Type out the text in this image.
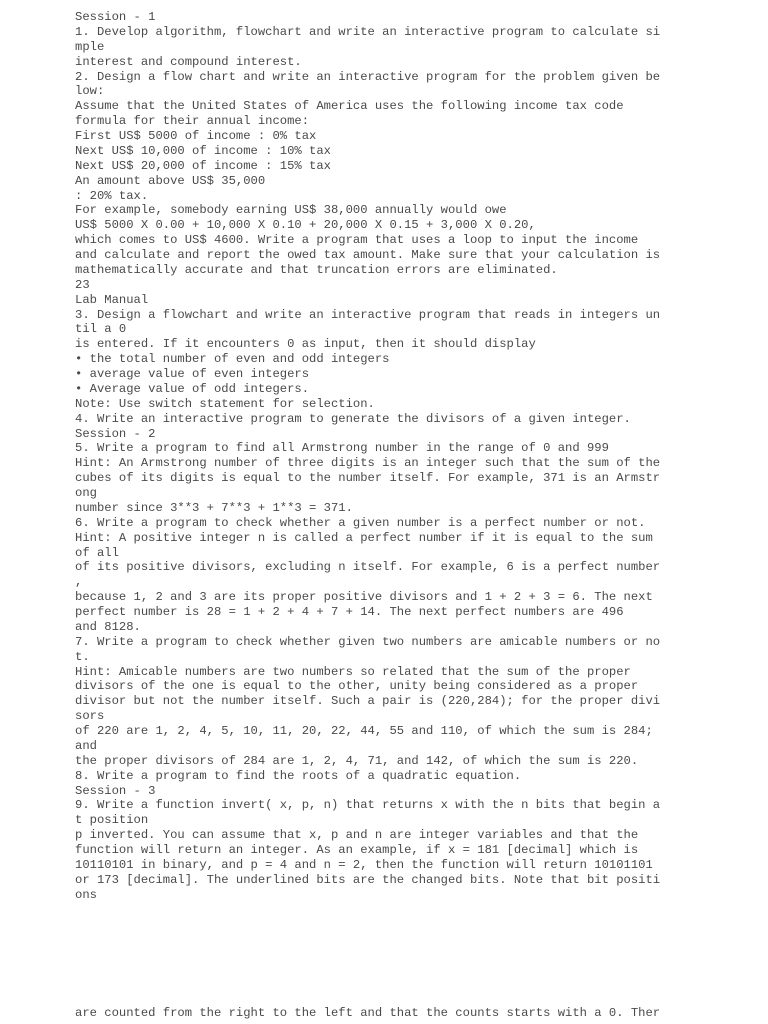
Session - 1
1. Develop algorithm, flowchart and write an interactive program to calculate si
mple
interest and compound interest.
2. Design a flow chart and write an interactive program for the problem given be
low:
Assume that the United States of America uses the following income tax code
formula for their annual income:
First US$ 5000 of income : 0% tax
Next US$ 10,000 of income : 10% tax
Next US$ 20,000 of income : 15% tax
An amount above US$ 35,000
: 20% tax.
For example, somebody earning US$ 38,000 annually would owe
US$ 5000 X 0.00 + 10,000 X 0.10 + 20,000 X 0.15 + 3,000 X 0.20,
which comes to US$ 4600. Write a program that uses a loop to input the income
and calculate and report the owed tax amount. Make sure that your calculation is
mathematically accurate and that truncation errors are eliminated.
23
Lab Manual
3. Design a flowchart and write an interactive program that reads in integers un
til a 0
is entered. If it encounters 0 as input, then it should display
• the total number of even and odd integers
• average value of even integers
• Average value of odd integers.
Note: Use switch statement for selection.
4. Write an interactive program to generate the divisors of a given integer.
Session - 2
5. Write a program to find all Armstrong number in the range of 0 and 999
Hint: An Armstrong number of three digits is an integer such that the sum of the
cubes of its digits is equal to the number itself. For example, 371 is an Armstr
ong
number since 3**3 + 7**3 + 1**3 = 371.
6. Write a program to check whether a given number is a perfect number or not.
Hint: A positive integer n is called a perfect number if it is equal to the sum
of all
of its positive divisors, excluding n itself. For example, 6 is a perfect number
,
because 1, 2 and 3 are its proper positive divisors and 1 + 2 + 3 = 6. The next
perfect number is 28 = 1 + 2 + 4 + 7 + 14. The next perfect numbers are 496
and 8128.
7. Write a program to check whether given two numbers are amicable numbers or no
t.
Hint: Amicable numbers are two numbers so related that the sum of the proper
divisors of the one is equal to the other, unity being considered as a proper
divisor but not the number itself. Such a pair is (220,284); for the proper divi
sors
of 220 are 1, 2, 4, 5, 10, 11, 20, 22, 44, 55 and 110, of which the sum is 284;
and
the proper divisors of 284 are 1, 2, 4, 71, and 142, of which the sum is 220.
8. Write a program to find the roots of a quadratic equation.
Session - 3
9. Write a function invert( x, p, n) that returns x with the n bits that begin a
t position
p inverted. You can assume that x, p and n are integer variables and that the
function will return an integer. As an example, if x = 181 [decimal] which is
10110101 in binary, and p = 4 and n = 2, then the function will return 10101101
or 173 [decimal]. The underlined bits are the changed bits. Note that bit positi
ons
are counted from the right to the left and that the counts starts with a 0. Ther
